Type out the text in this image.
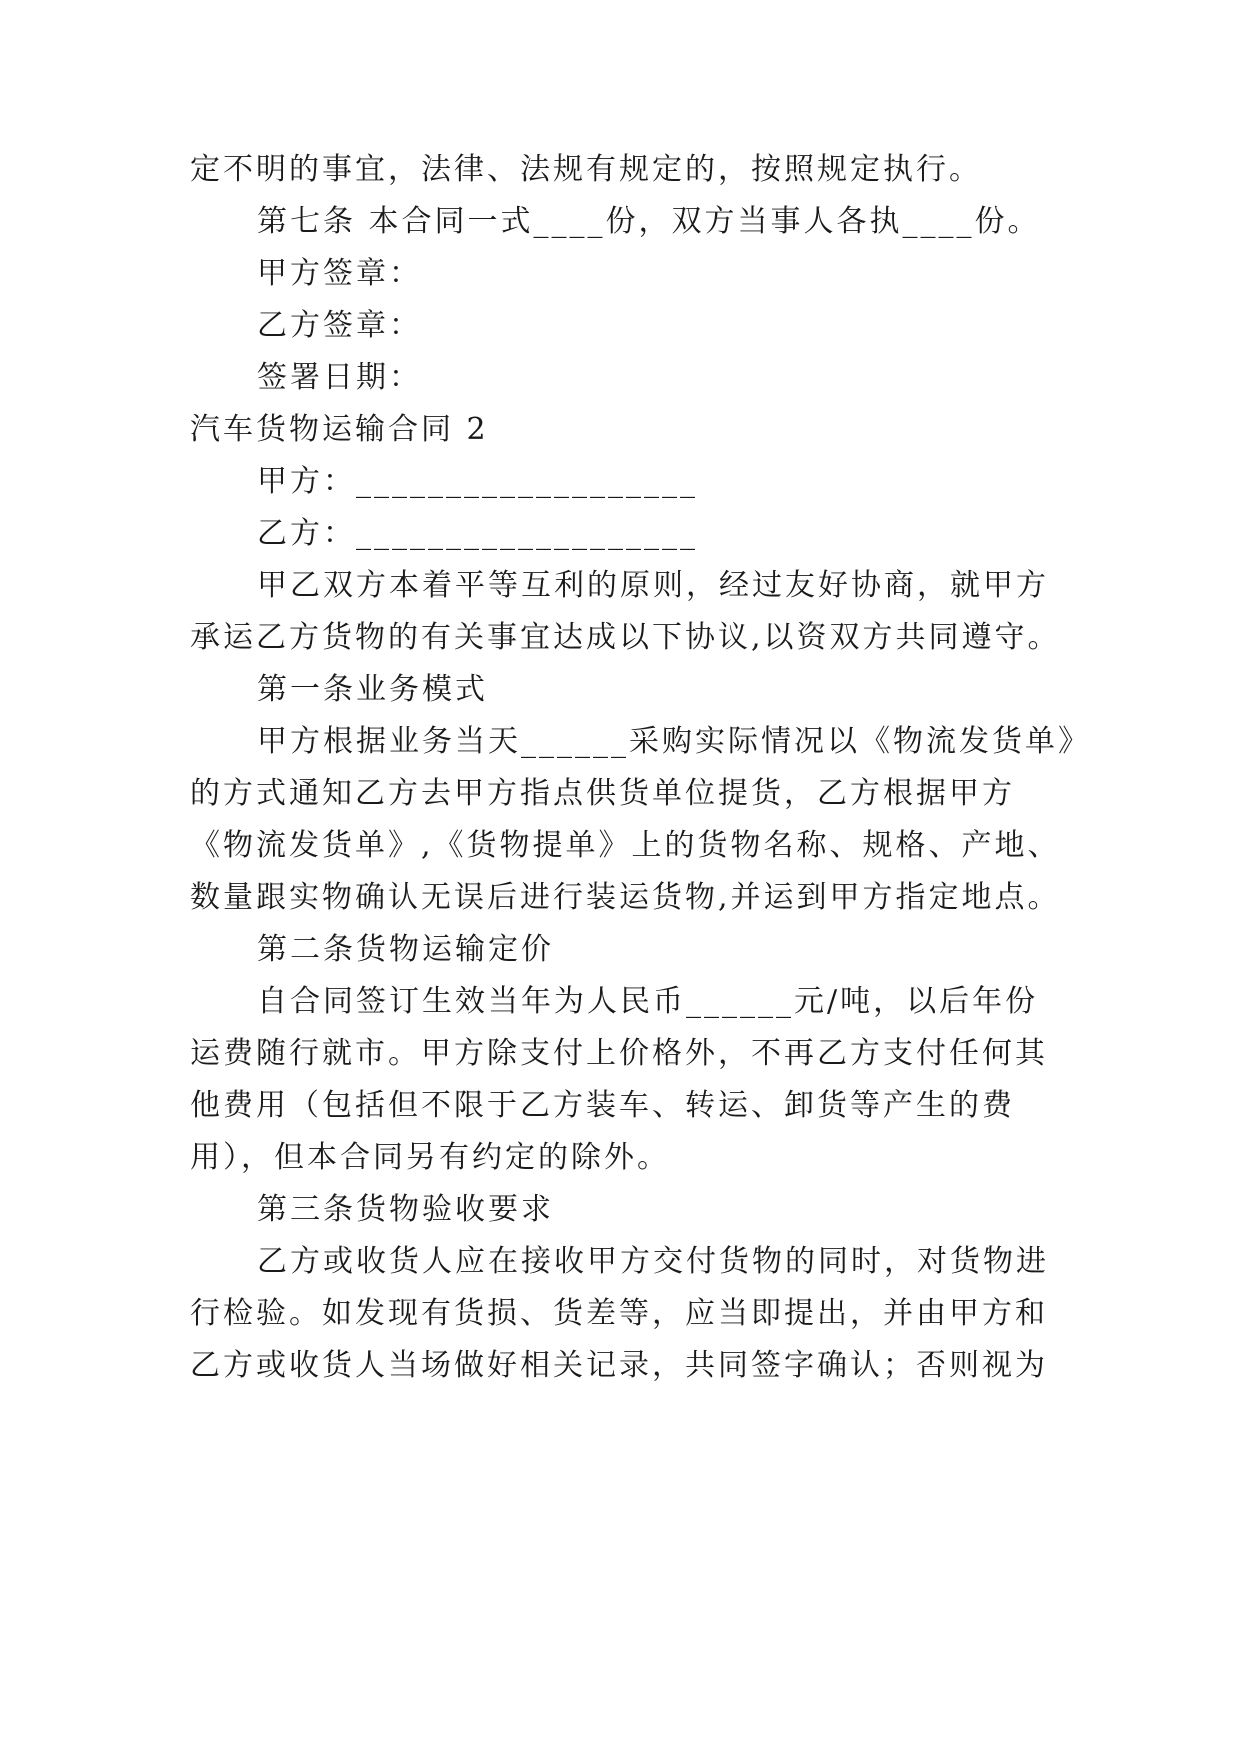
定不明的事宜，法律、法规有规定的，按照规定执行。

第七条 本合同一式____份，双方当事人各执____份。

甲方签章：

乙方签章：

签署日期：

汽车货物运输合同 2

甲方：___________________

乙方：___________________

甲乙双方本着平等互利的原则，经过友好协商，就甲方

承运乙方货物的有关事宜达成以下协议,以资双方共同遵守。

第一条业务模式

甲方根据业务当天______采购实际情况以《物流发货单》

的方式通知乙方去甲方指点供货单位提货，乙方根据甲方

《物流发货单》,《货物提单》上的货物名称、规格、产地、

数量跟实物确认无误后进行装运货物,并运到甲方指定地点。

第二条货物运输定价

自合同签订生效当年为人民币______元/吨，以后年份

运费随行就市。甲方除支付上价格外，不再乙方支付任何其

他费用（包括但不限于乙方装车、转运、卸货等产生的费

用），但本合同另有约定的除外。

第三条货物验收要求

乙方或收货人应在接收甲方交付货物的同时，对货物进

行检验。如发现有货损、货差等，应当即提出，并由甲方和

乙方或收货人当场做好相关记录，共同签字确认；否则视为
